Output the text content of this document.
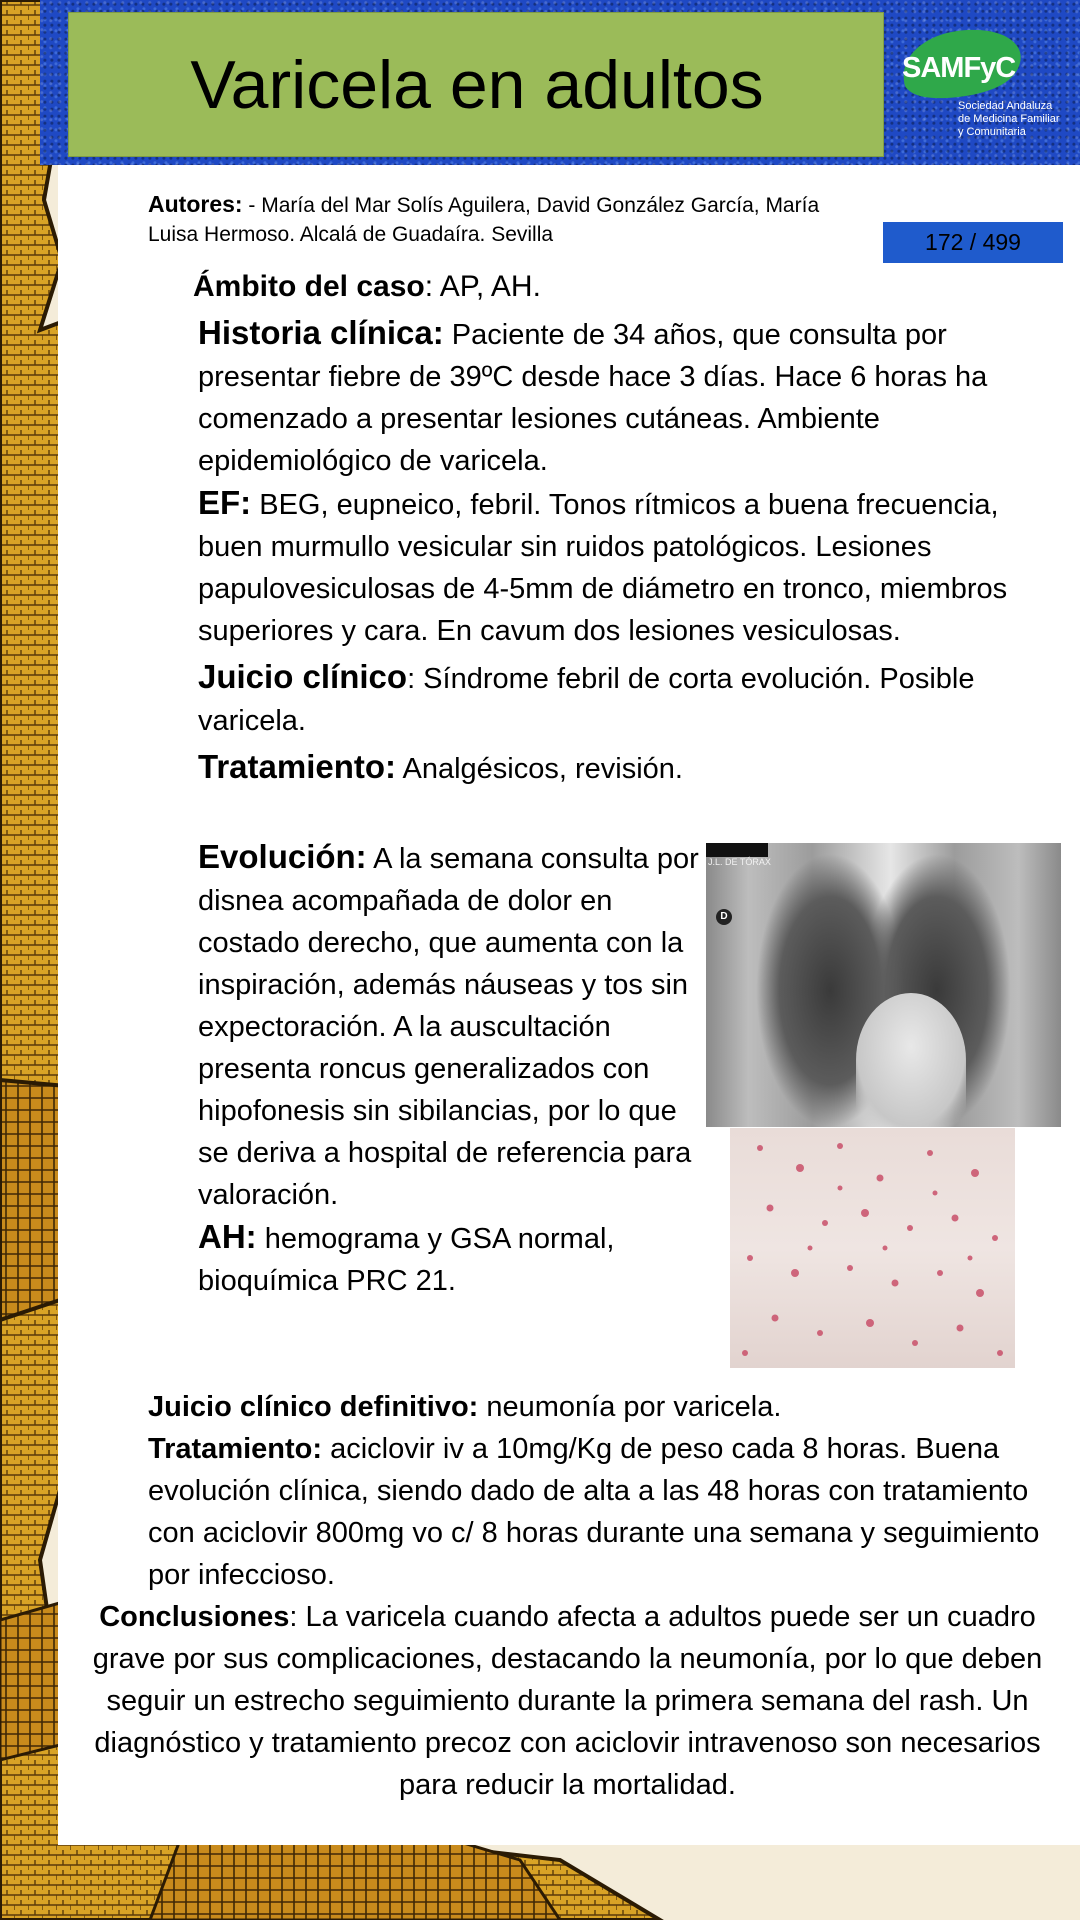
Varicela en adultos	SAMFyC
Sociedad Andaluza
de Medicina Familiar
y Comunitaria
Autores: - María del Mar Solís Aguilera, David González García, María
Luisa Hermoso. Alcalá de Guadaíra. Sevilla	172 / 499
Ámbito del caso: AP, AH.

Historia clínica: Paciente de 34 años, que consulta por presentar fiebre de 39ºC desde hace 3 días. Hace 6 horas ha comenzado a presentar lesiones cutáneas. Ambiente epidemiológico de varicela.

EF: BEG, eupneico, febril. Tonos rítmicos a buena frecuencia, buen murmullo vesicular sin ruidos patológicos. Lesiones papulovesiculosas de 4-5mm de diámetro en tronco, miembros superiores y cara. En cavum dos lesiones vesiculosas.

Juicio clínico: Síndrome febril de corta evolución. Posible varicela.

Tratamiento: Analgésicos, revisión.

Evolución: A la semana consulta por disnea acompañada de dolor en costado derecho, que aumenta con la inspiración, además náuseas y tos sin expectoración. A la auscultación presenta roncus generalizados con hipofonesis sin sibilancias, por lo que se deriva a hospital de referencia para valoración.

AH: hemograma y GSA normal, bioquímica PRC 21.

J.L. DE TÓRAX
D

Juicio clínico definitivo: neumonía por varicela.

Tratamiento: aciclovir iv a 10mg/Kg de peso cada 8 horas. Buena evolución clínica, siendo dado de alta a las 48 horas con tratamiento con aciclovir 800mg vo c/ 8 horas durante una semana y seguimiento por infeccioso.

Conclusiones: La varicela cuando afecta a adultos puede ser un cuadro grave por sus complicaciones, destacando la neumonía, por lo que deben seguir un estrecho seguimiento durante la primera semana del rash. Un diagnóstico y tratamiento precoz con aciclovir intravenoso son necesarios para reducir la mortalidad.
